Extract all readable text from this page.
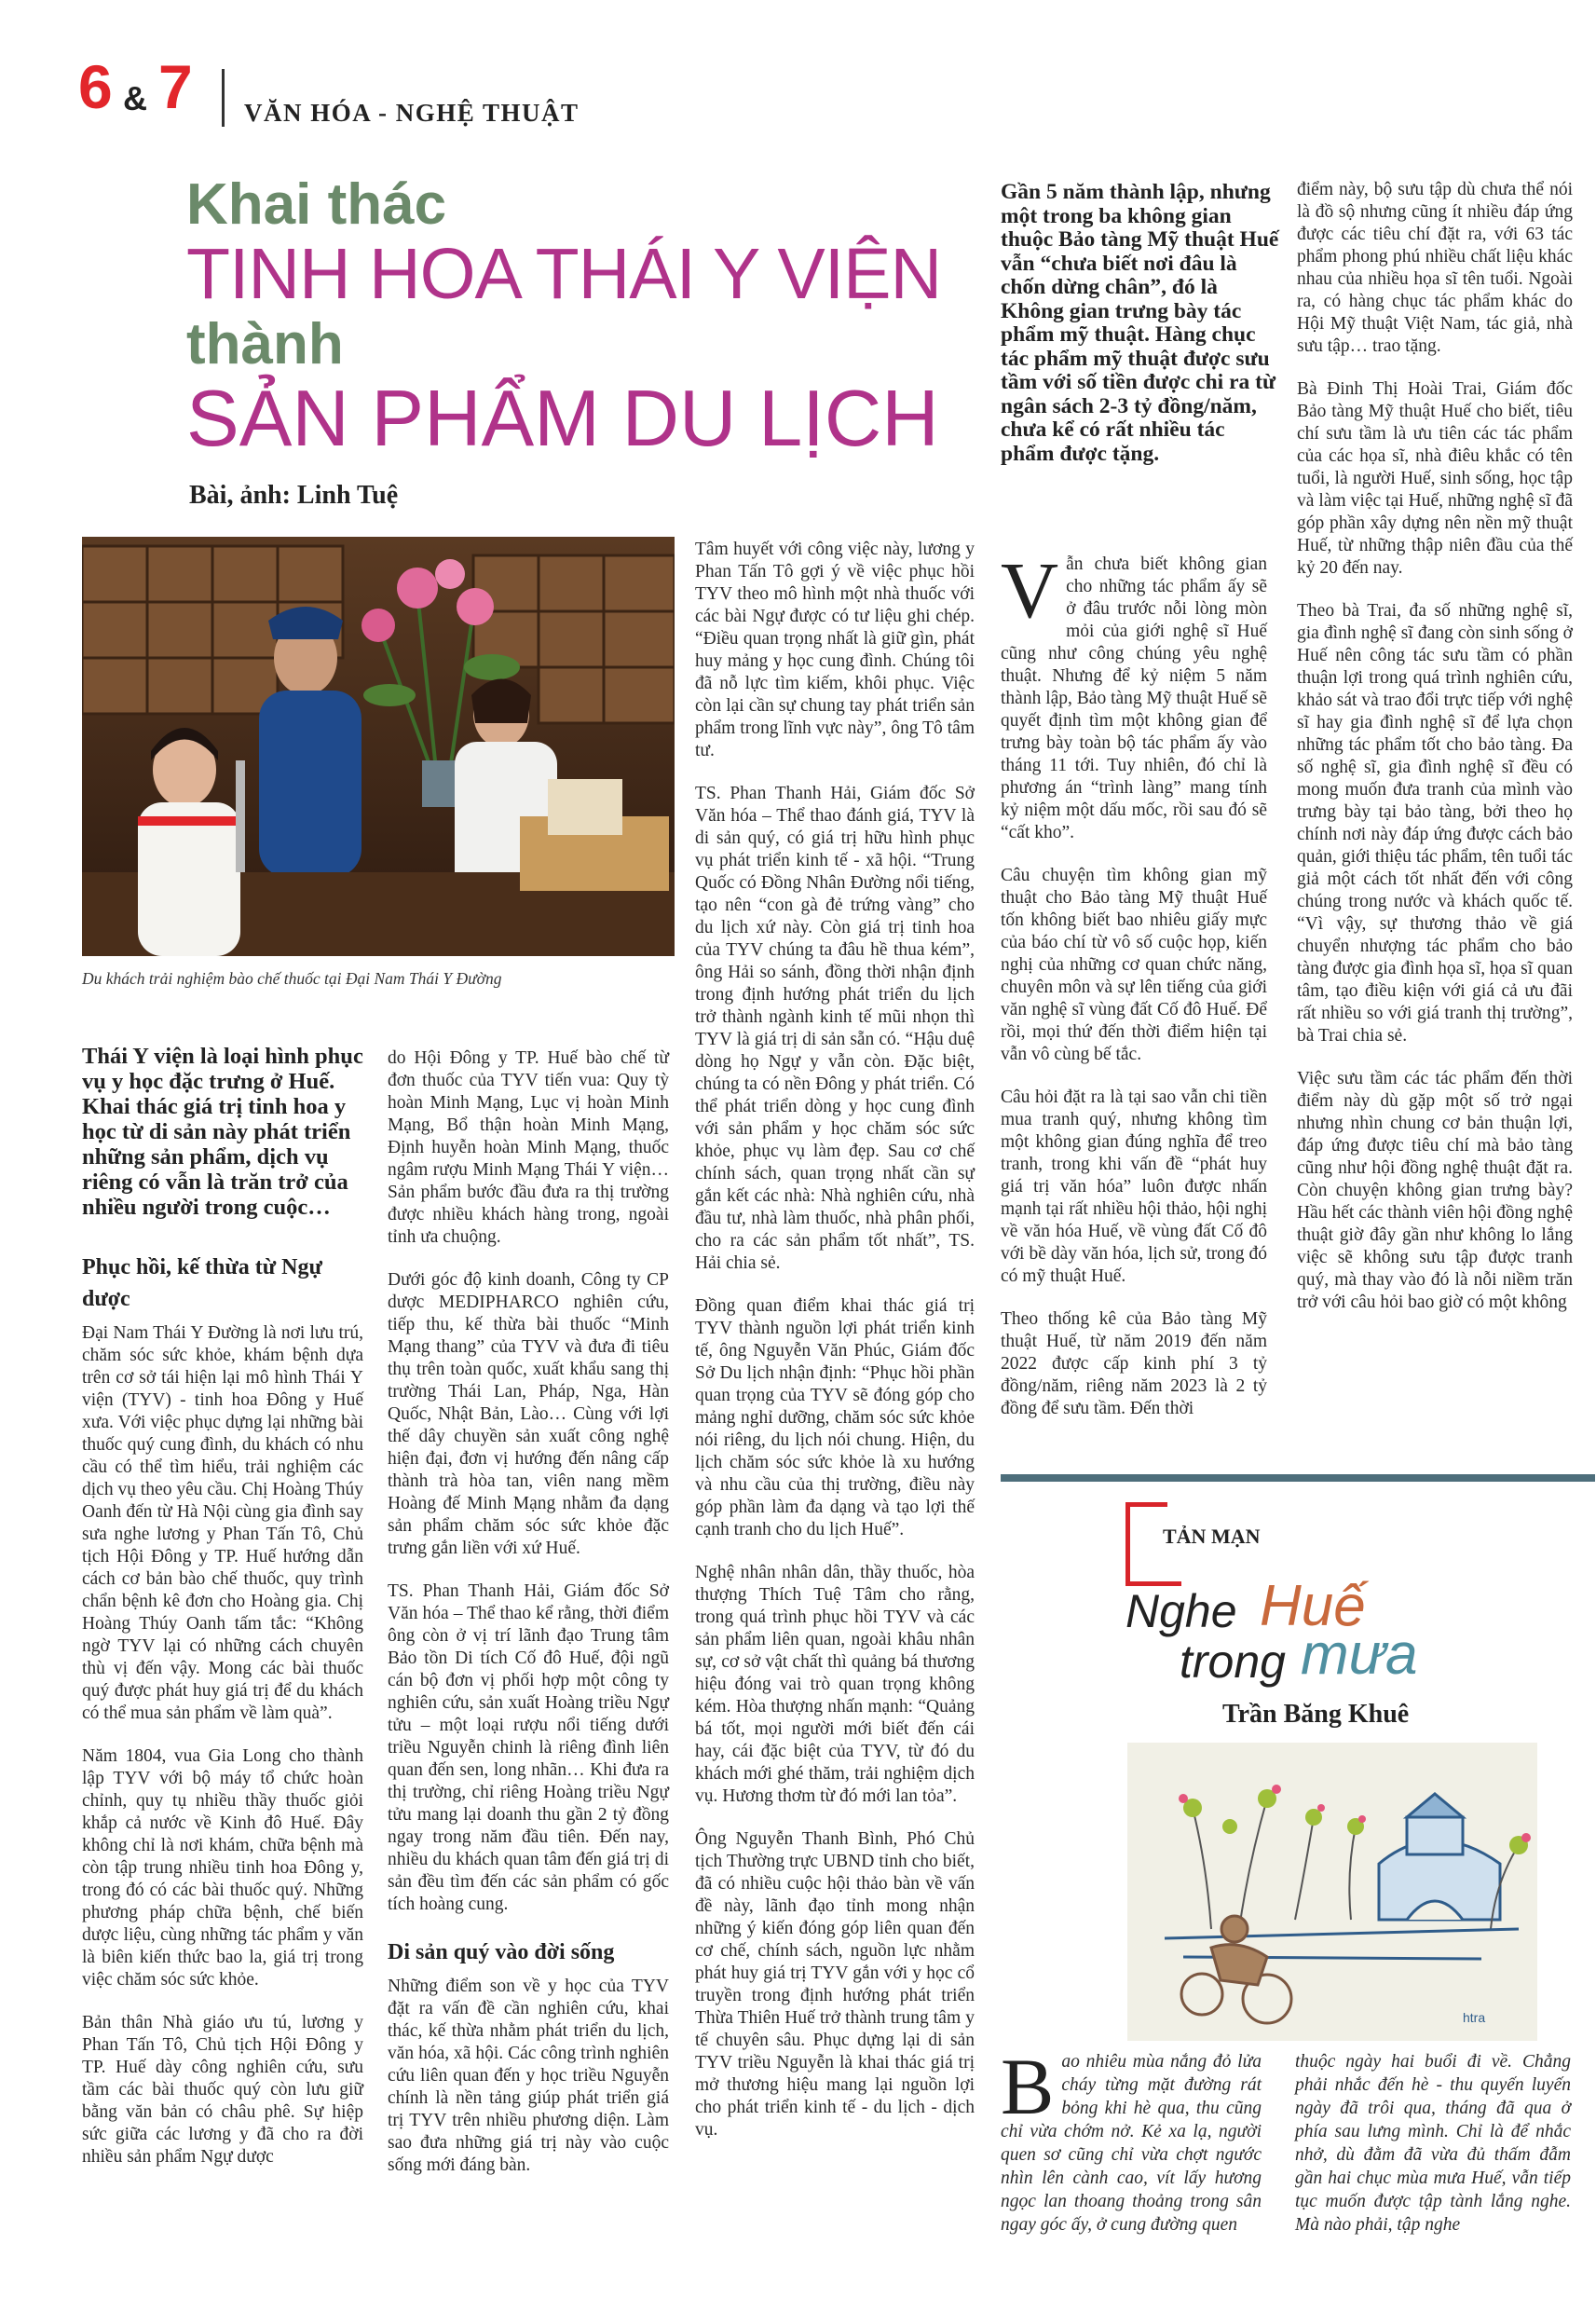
6 & 7 VĂN HÓA - NGHỆ THUẬT
Khai thác
TINH HOA THÁI Y VIỆN
thành
SẢN PHẨM DU LỊCH
Bài, ảnh: Linh Tuệ
Du khách trải nghiệm bào chế thuốc tại Đại Nam Thái Y Đường
Thái Y viện là loại hình phục vụ y học đặc trưng ở Huế. Khai thác giá trị tinh hoa y học từ di sản này phát triển những sản phẩm, dịch vụ riêng có vẫn là trăn trở của nhiều người trong cuộc…
Phục hồi, kế thừa từ Ngự dược

Đại Nam Thái Y Đường là nơi lưu trú, chăm sóc sức khỏe, khám bệnh dựa trên cơ sở tái hiện lại mô hình Thái Y viện (TYV) - tinh hoa Đông y Huế xưa. Với việc phục dựng lại những bài thuốc quý cung đình, du khách có nhu cầu có thể tìm hiểu, trải nghiệm các dịch vụ theo yêu cầu. Chị Hoàng Thúy Oanh đến từ Hà Nội cùng gia đình say sưa nghe lương y Phan Tấn Tô, Chủ tịch Hội Đông y TP. Huế hướng dẫn cách cơ bản bào chế thuốc, quy trình chẩn bệnh kê đơn cho Hoàng gia. Chị Hoàng Thúy Oanh tấm tắc: “Không ngờ TYV lại có những cách chuyên thù vị đến vậy. Mong các bài thuốc quý được phát huy giá trị để du khách có thể mua sản phẩm về làm quà”.

Năm 1804, vua Gia Long cho thành lập TYV với bộ máy tổ chức hoàn chỉnh, quy tụ nhiều thầy thuốc giỏi khắp cả nước về Kinh đô Huế. Đây không chỉ là nơi khám, chữa bệnh mà còn tập trung nhiều tinh hoa Đông y, trong đó có các bài thuốc quý. Những phương pháp chữa bệnh, chế biến dược liệu, cùng những tác phẩm y văn là biên kiến thức bao la, giá trị trong việc chăm sóc sức khỏe.

Bản thân Nhà giáo ưu tú, lương y Phan Tấn Tô, Chủ tịch Hội Đông y TP. Huế dày công nghiên cứu, sưu tầm các bài thuốc quý còn lưu giữ bằng văn bản có châu phê. Sự hiệp sức giữa các lương y đã cho ra đời nhiều sản phẩm Ngự dược

do Hội Đông y TP. Huế bào chế từ đơn thuốc của TYV tiến vua: Quy tỳ hoàn Minh Mạng, Lục vị hoàn Minh Mạng, Bổ thận hoàn Minh Mạng, Định huyễn hoàn Minh Mạng, thuốc ngâm rượu Minh Mạng Thái Y viện… Sản phẩm bước đầu đưa ra thị trường được nhiều khách hàng trong, ngoài tỉnh ưa chuộng.

Dưới góc độ kinh doanh, Công ty CP dược MEDIPHARCO nghiên cứu, tiếp thu, kế thừa bài thuốc “Minh Mạng thang” của TYV và đưa đi tiêu thụ trên toàn quốc, xuất khẩu sang thị trường Thái Lan, Pháp, Nga, Hàn Quốc, Nhật Bản, Lào… Cùng với lợi thế dây chuyền sản xuất công nghệ hiện đại, đơn vị hướng đến nâng cấp thành trà hòa tan, viên nang mềm Hoàng đế Minh Mạng nhằm đa dạng sản phẩm chăm sóc sức khỏe đặc trưng gắn liền với xứ Huế.

TS. Phan Thanh Hải, Giám đốc Sở Văn hóa – Thể thao kể rằng, thời điểm ông còn ở vị trí lãnh đạo Trung tâm Bảo tồn Di tích Cố đô Huế, đội ngũ cán bộ đơn vị phối hợp một công ty nghiên cứu, sản xuất Hoàng triều Ngự tửu – một loại rượu nổi tiếng dưới triều Nguyễn chinh là riêng đình liên quan đến sen, long nhãn… Khi đưa ra thị trường, chỉ riêng Hoàng triều Ngự tửu mang lại doanh thu gần 2 tỷ đồng ngay trong năm đầu tiên. Đến nay, nhiều du khách quan tâm đến giá trị di sản đều tìm đến các sản phẩm có gốc tích hoàng cung.

Di sản quý vào đời sống

Những điểm son về y học của TYV đặt ra vấn đề cần nghiên cứu, khai thác, kế thừa nhằm phát triển du lịch, văn hóa, xã hội. Các công trình nghiên cứu liên quan đến y học triều Nguyễn chính là nền tảng giúp phát triển giá trị TYV trên nhiều phương diện. Làm sao đưa những giá trị này vào cuộc sống mới đáng bàn.

Tâm huyết với công việc này, lương y Phan Tấn Tô gợi ý về việc phục hồi TYV theo mô hình một nhà thuốc với các bài Ngự được có tư liệu ghi chép. “Điều quan trọng nhất là giữ gìn, phát huy mảng y học cung đình. Chúng tôi đã nỗ lực tìm kiếm, khôi phục. Việc còn lại cần sự chung tay phát triển sản phẩm trong lĩnh vực này”, ông Tô tâm tư.

TS. Phan Thanh Hải, Giám đốc Sở Văn hóa – Thể thao đánh giá, TYV là di sản quý, có giá trị hữu hình phục vụ phát triển kinh tế - xã hội. “Trung Quốc có Đồng Nhân Đường nổi tiếng, tạo nên “con gà đẻ trứng vàng” cho du lịch xứ này. Còn giá trị tinh hoa của TYV chúng ta đâu hề thua kém”, ông Hải so sánh, đồng thời nhận định trong định hướng phát triển du lịch trở thành ngành kinh tế mũi nhọn thì TYV là giá trị di sản sẵn có. “Hậu duệ dòng họ Ngự y vẫn còn. Đặc biệt, chúng ta có nền Đông y phát triển. Có thể phát triển dòng y học cung đình với sản phẩm y học chăm sóc sức khỏe, phục vụ làm đẹp. Sau cơ chế chính sách, quan trọng nhất cần sự gắn kết các nhà: Nhà nghiên cứu, nhà đầu tư, nhà làm thuốc, nhà phân phối, cho ra các sản phẩm tốt nhất”, TS. Hải chia sẻ.

Đồng quan điểm khai thác giá trị TYV thành nguồn lợi phát triển kinh tế, ông Nguyễn Văn Phúc, Giám đốc Sở Du lịch nhận định: “Phục hồi phần quan trọng của TYV sẽ đóng góp cho mảng nghỉ dưỡng, chăm sóc sức khỏe nói riêng, du lịch nói chung. Hiện, du lịch chăm sóc sức khỏe là xu hướng và nhu cầu của thị trường, điều này góp phần làm đa dạng và tạo lợi thế cạnh tranh cho du lịch Huế”.

Nghệ nhân nhân dân, thầy thuốc, hòa thượng Thích Tuệ Tâm cho rằng, trong quá trình phục hồi TYV và các sản phẩm liên quan, ngoài khâu nhân sự, cơ sở vật chất thì quảng bá thương hiệu đóng vai trò quan trọng không kém. Hòa thượng nhấn mạnh: “Quảng bá tốt, mọi người mới biết đến cái hay, cái đặc biệt của TYV, từ đó du khách mới ghé thăm, trải nghiệm dịch vụ. Hương thơm từ đó mới lan tỏa”.

Ông Nguyễn Thanh Bình, Phó Chủ tịch Thường trực UBND tỉnh cho biết, đã có nhiều cuộc hội thảo bàn về vấn đề này, lãnh đạo tỉnh mong nhận những ý kiến đóng góp liên quan đến cơ chế, chính sách, nguồn lực nhằm phát huy giá trị TYV gắn với y học cổ truyền trong định hướng phát triển Thừa Thiên Huế trở thành trung tâm y tế chuyên sâu. Phục dựng lại di sản TYV triều Nguyễn là khai thác giá trị mở thương hiệu mang lại nguồn lợi cho phát triển kinh tế - du lịch - dịch vụ.

Gần 5 năm thành lập, nhưng một trong ba không gian thuộc Bảo tàng Mỹ thuật Huế vẫn “chưa biết nơi đâu là chốn dừng chân”, đó là Không gian trưng bày tác phẩm mỹ thuật. Hàng chục tác phẩm mỹ thuật được sưu tầm với số tiền được chi ra từ ngân sách 2-3 tỷ đồng/năm, chưa kể có rất nhiều tác phẩm được tặng.
V ẫn chưa biết không gian cho những tác phẩm ấy sẽ ở đâu trước nỗi lòng mòn mỏi của giới nghệ sĩ Huế cũng như công chúng yêu nghệ thuật. Nhưng để kỷ niệm 5 năm thành lập, Bảo tàng Mỹ thuật Huế sẽ quyết định tìm một không gian để trưng bày toàn bộ tác phẩm ấy vào tháng 11 tới. Tuy nhiên, đó chỉ là phương án “trình làng” mang tính kỷ niệm một dấu mốc, rồi sau đó sẽ “cất kho”.

Câu chuyện tìm không gian mỹ thuật cho Bảo tàng Mỹ thuật Huế tốn không biết bao nhiêu giấy mực của báo chí từ vô số cuộc họp, kiến nghị của những cơ quan chức năng, chuyên môn và sự lên tiếng của giới văn nghệ sĩ vùng đất Cố đô Huế. Để rồi, mọi thứ đến thời điểm hiện tại vẫn vô cùng bế tắc.

Câu hỏi đặt ra là tại sao vẫn chi tiền mua tranh quý, nhưng không tìm một không gian đúng nghĩa để treo tranh, trong khi vấn đề “phát huy giá trị văn hóa” luôn được nhấn mạnh tại rất nhiều hội thảo, hội nghị về văn hóa Huế, về vùng đất Cố đô với bề dày văn hóa, lịch sử, trong đó có mỹ thuật Huế.

Theo thống kê của Bảo tàng Mỹ thuật Huế, từ năm 2019 đến năm 2022 được cấp kinh phí 3 tỷ đồng/năm, riêng năm 2023 là 2 tỷ đồng để sưu tầm. Đến thời

điểm này, bộ sưu tập dù chưa thể nói là đồ sộ nhưng cũng ít nhiều đáp ứng được các tiêu chí đặt ra, với 63 tác phẩm phong phú nhiều chất liệu khác nhau của nhiều họa sĩ tên tuổi. Ngoài ra, có hàng chục tác phẩm khác do Hội Mỹ thuật Việt Nam, tác giả, nhà sưu tập… trao tặng.

Bà Đinh Thị Hoài Trai, Giám đốc Bảo tàng Mỹ thuật Huế cho biết, tiêu chí sưu tầm là ưu tiên các tác phẩm của các họa sĩ, nhà điêu khắc có tên tuổi, là người Huế, sinh sống, học tập và làm việc tại Huế, những nghệ sĩ đã góp phần xây dựng nên nền mỹ thuật Huế, từ những thập niên đầu của thế kỷ 20 đến nay.

Theo bà Trai, đa số những nghệ sĩ, gia đình nghệ sĩ đang còn sinh sống ở Huế nên công tác sưu tầm có phần thuận lợi trong quá trình nghiên cứu, khảo sát và trao đổi trực tiếp với nghệ sĩ hay gia đình nghệ sĩ để lựa chọn những tác phẩm tốt cho bảo tàng. Đa số nghệ sĩ, gia đình nghệ sĩ đều có mong muốn đưa tranh của mình vào trưng bày tại bảo tàng, bởi theo họ chính nơi này đáp ứng được cách bảo quản, giới thiệu tác phẩm, tên tuổi tác giả một cách tốt nhất đến với công chúng trong nước và khách quốc tế. “Vì vậy, sự thương thảo về giá chuyển nhượng tác phẩm cho bảo tàng được gia đình họa sĩ, họa sĩ quan tâm, tạo điều kiện với giá cả ưu đãi rất nhiều so với giá tranh thị trường”, bà Trai chia sẻ.

Việc sưu tầm các tác phẩm đến thời điểm này dù gặp một số trở ngại nhưng nhìn chung cơ bản thuận lợi, đáp ứng được tiêu chí mà bảo tàng cũng như hội đồng nghệ thuật đặt ra. Còn chuyện không gian trưng bày? Hầu hết các thành viên hội đồng nghệ thuật giờ đây gần như không lo lắng việc sẽ không sưu tập được tranh quý, mà thay vào đó là nỗi niềm trăn trở với câu hỏi bao giờ có một không

TẢN MẠN
Nghe Huế
trong mưa
Trần Băng Khuê
htra
B ao nhiêu mùa nắng đỏ lửa cháy từng mặt đường rát bỏng khi hè qua, thu cũng chỉ vừa chớm nở. Kẻ xa lạ, người quen sơ cũng chỉ vừa chợt ngước nhìn lên cành cao, vít lấy hương ngọc lan thoang thoảng trong sân ngay góc ấy, ở cung đường quen
thuộc ngày hai buổi đi về. Chẳng phải nhắc đến hè - thu quyến luyến ngày đã trôi qua, tháng đã qua ở phía sau lưng mình. Chỉ là để nhắc nhở, dù đằm đã vừa đủ thấm đẫm gần hai chục mùa mưa Huế, vẫn tiếp tục muốn được tập tành lắng nghe. Mà nào phải, tập nghe
